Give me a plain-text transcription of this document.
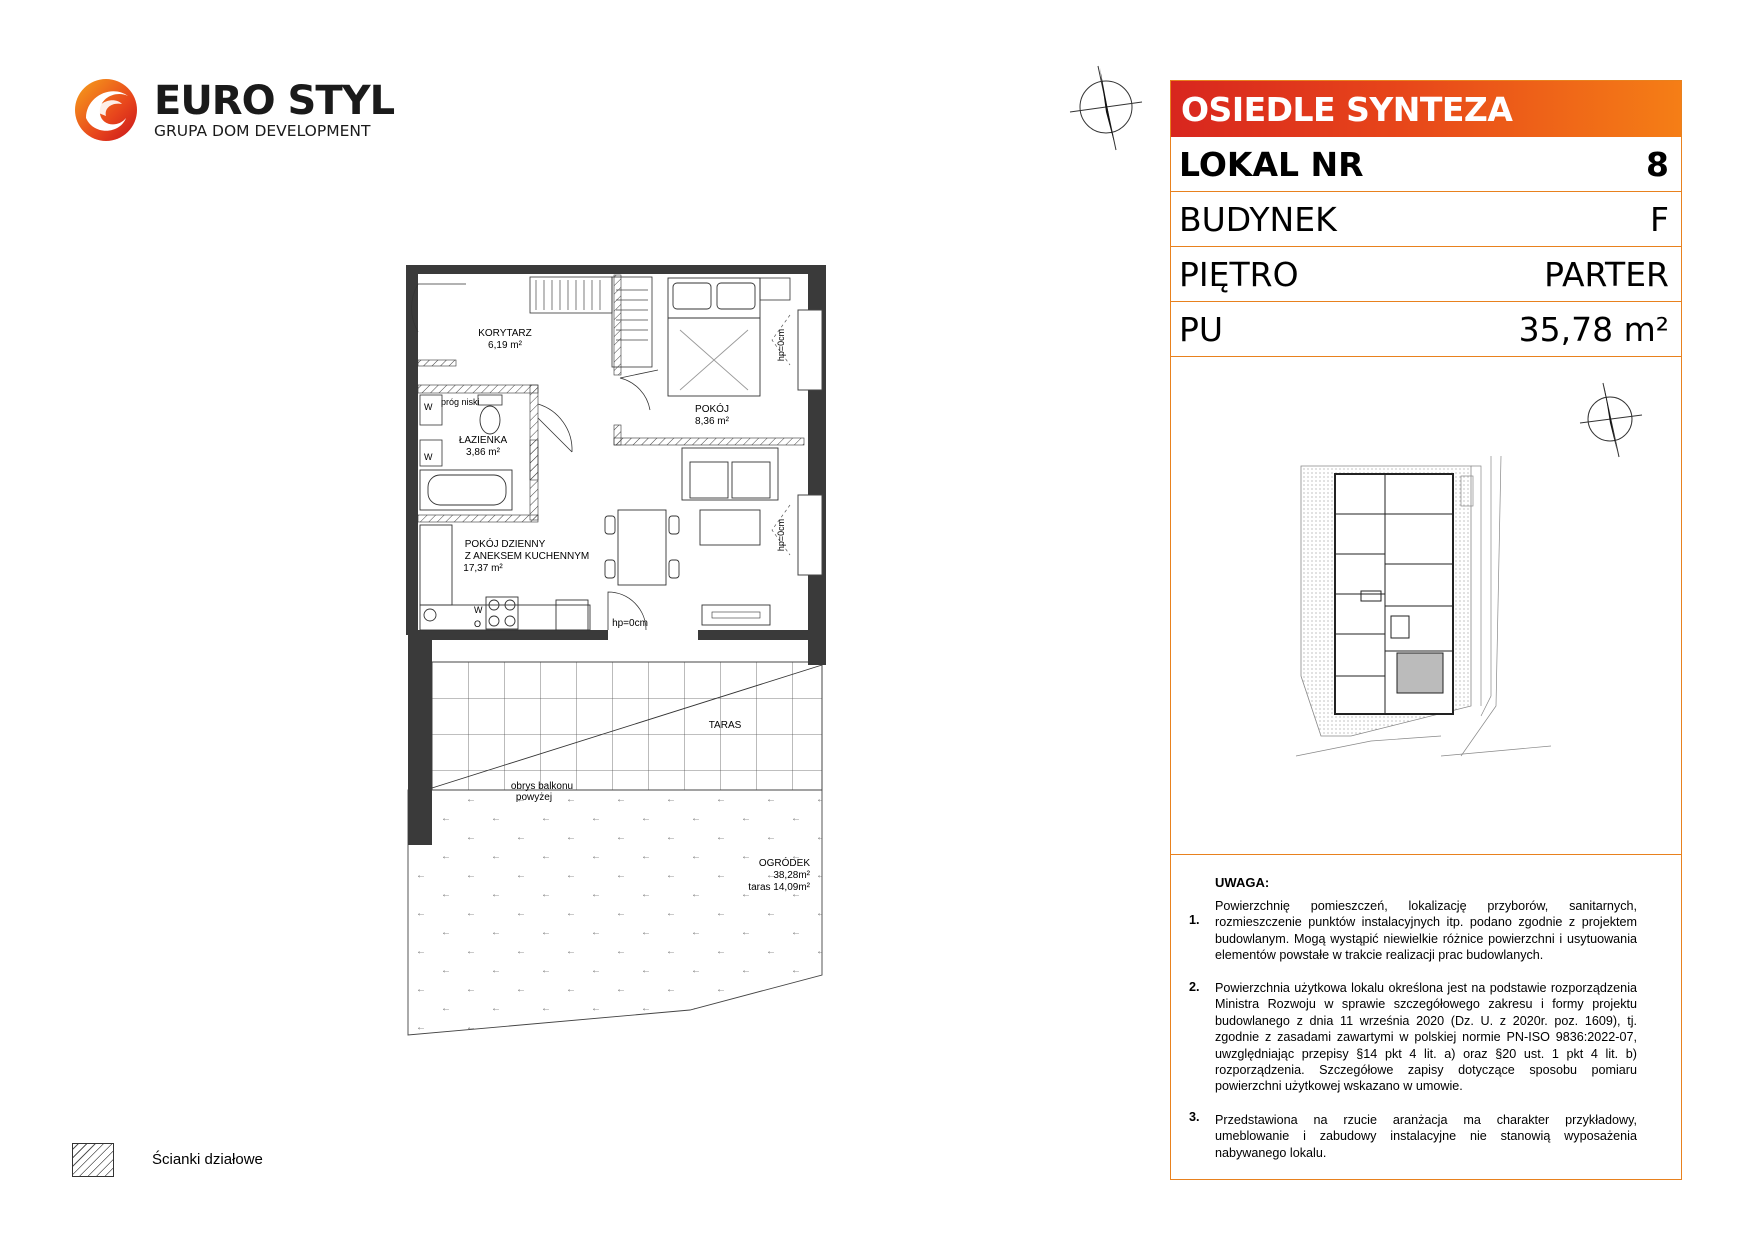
EURO STYL
GRUPA DOM DEVELOPMENT
KORYTARZ
6,19 m²
POKÓJ
8,36 m²
ŁAZIENKA
3,86 m²
POKÓJ DZIENNY
Z ANEKSEM KUCHENNYM
17,37 m²
hp=0cm
TARAS
obrys balkonu
powyżej
próg niski
W
W
W
O
hp=0cm
hp=0cm
OGRÓDEK
38,28m²
taras 14,09m²
OSIEDLE SYNTEZA
LOKAL NR	8
BUDYNEK	F
PIĘTRO	PARTER
PU	35,78 m²
UWAGA:
1.
Powierzchnię pomieszczeń, lokalizację przyborów, sanitarnych, rozmieszczenie punktów instalacyjnych itp. podano zgodnie z projektem budowlanym. Mogą wystąpić niewielkie różnice powierzchni i usytuowania elementów powstałe w trakcie realizacji prac budowlanych.
2. Powierzchnia użytkowa lokalu określona jest na podstawie rozporządzenia Ministra Rozwoju w sprawie szczegółowego zakresu i formy projektu budowlanego z dnia 11 września 2020 (Dz. U. z 2020r. poz. 1609), tj. zgodnie z zasadami zawartymi w polskiej normie PN-ISO 9836:2022-07, uwzględniając przepisy §14 pkt 4 lit. a) oraz §20 ust. 1 pkt 4 lit. b) rozporządzenia. Szczegółowe zapisy dotyczące sposobu pomiaru powierzchni użytkowej wskazano w umowie.
3. Przedstawiona na rzucie aranżacja ma charakter przykładowy, umeblowanie i zabudowy instalacyjne nie stanowią wyposażenia nabywanego lokalu.
Ścianki działowe
